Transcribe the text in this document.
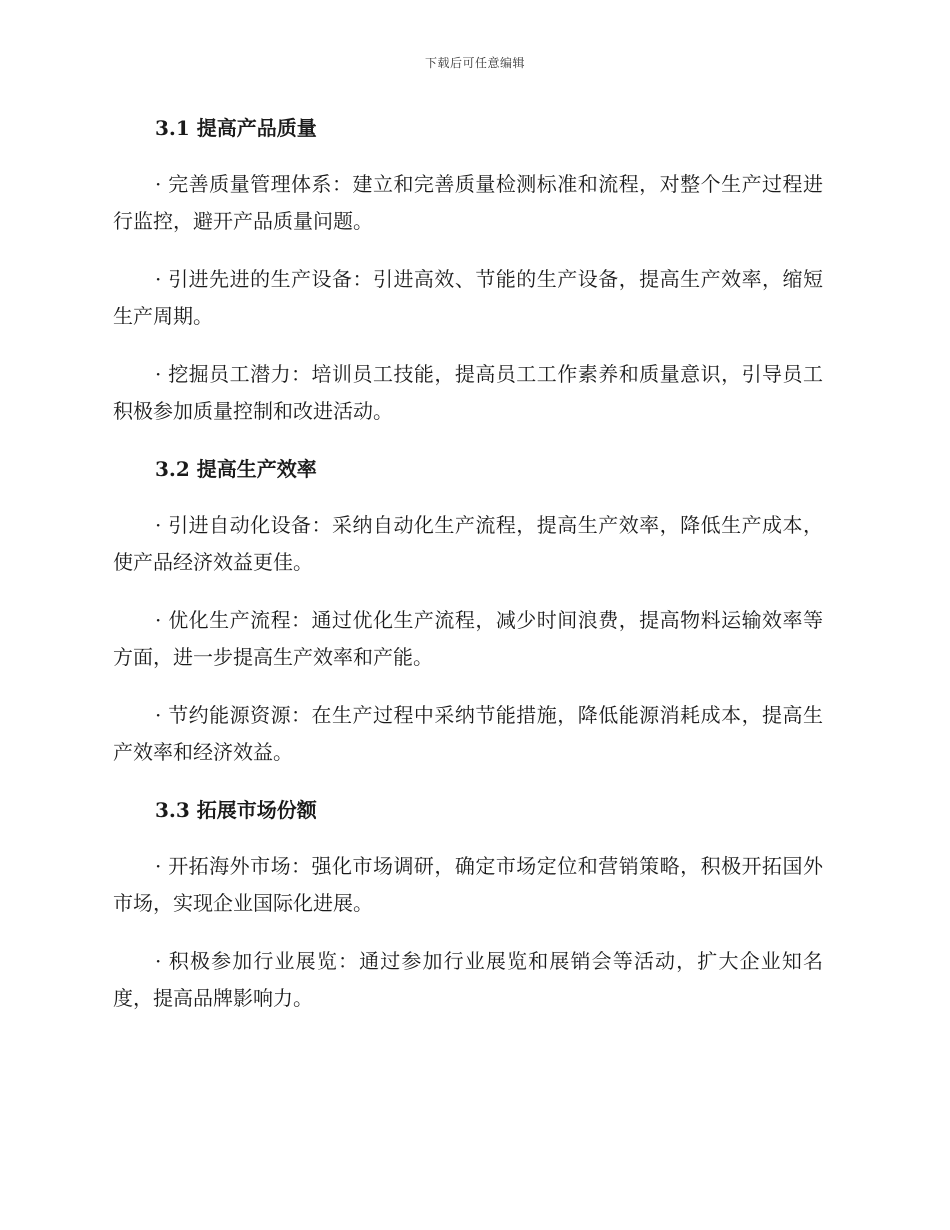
下载后可任意编辑
3.1 提高产品质量

· 完善质量管理体系：建立和完善质量检测标准和流程，对整个生产过程进行监控，避开产品质量问题。

· 引进先进的生产设备：引进高效、节能的生产设备，提高生产效率，缩短生产周期。

· 挖掘员工潜力：培训员工技能，提高员工工作素养和质量意识，引导员工积极参加质量控制和改进活动。

3.2 提高生产效率

· 引进自动化设备：采纳自动化生产流程，提高生产效率，降低生产成本，使产品经济效益更佳。

· 优化生产流程：通过优化生产流程，减少时间浪费，提高物料运输效率等方面，进一步提高生产效率和产能。

· 节约能源资源：在生产过程中采纳节能措施，降低能源消耗成本，提高生产效率和经济效益。

3.3 拓展市场份额

· 开拓海外市场：强化市场调研，确定市场定位和营销策略，积极开拓国外市场，实现企业国际化进展。

· 积极参加行业展览：通过参加行业展览和展销会等活动，扩大企业知名度，提高品牌影响力。
